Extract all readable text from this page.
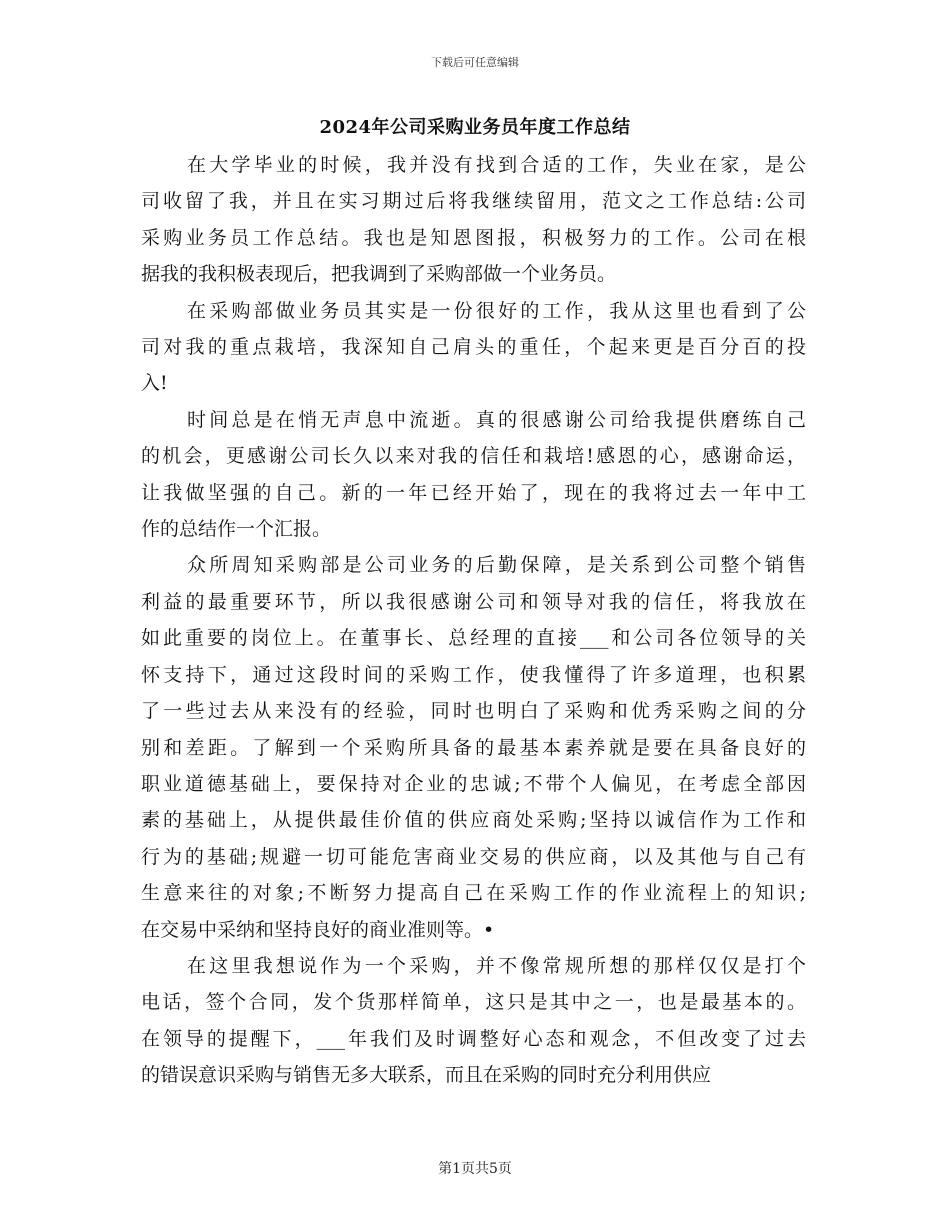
下载后可任意编辑
2024年公司采购业务员年度工作总结
在大学毕业的时候，我并没有找到合适的工作，失业在家，是公
司收留了我，并且在实习期过后将我继续留用，范文之工作总结:公司
采购业务员工作总结。我也是知恩图报，积极努力的工作。公司在根
据我的我积极表现后，把我调到了采购部做一个业务员。
在采购部做业务员其实是一份很好的工作，我从这里也看到了公
司对我的重点栽培，我深知自己肩头的重任，个起来更是百分百的投
入!
时间总是在悄无声息中流逝。真的很感谢公司给我提供磨练自己
的机会，更感谢公司长久以来对我的信任和栽培!感恩的心，感谢命运，
让我做坚强的自己。新的一年已经开始了，现在的我将过去一年中工
作的总结作一个汇报。
众所周知采购部是公司业务的后勤保障，是关系到公司整个销售
利益的最重要环节，所以我很感谢公司和领导对我的信任，将我放在
如此重要的岗位上。在董事长、总经理的直接___和公司各位领导的关
怀支持下，通过这段时间的采购工作，使我懂得了许多道理，也积累
了一些过去从来没有的经验，同时也明白了采购和优秀采购之间的分
别和差距。了解到一个采购所具备的最基本素养就是要在具备良好的
职业道德基础上，要保持对企业的忠诚;不带个人偏见，在考虑全部因
素的基础上，从提供最佳价值的供应商处采购;坚持以诚信作为工作和
行为的基础;规避一切可能危害商业交易的供应商，以及其他与自己有
生意来往的对象;不断努力提高自己在采购工作的作业流程上的知识;
在交易中采纳和坚持良好的商业准则等。•
在这里我想说作为一个采购，并不像常规所想的那样仅仅是打个
电话，签个合同，发个货那样简单，这只是其中之一，也是最基本的。
在领导的提醒下，___年我们及时调整好心态和观念，不但改变了过去
的错误意识采购与销售无多大联系，而且在采购的同时充分利用供应
第1页共5页
